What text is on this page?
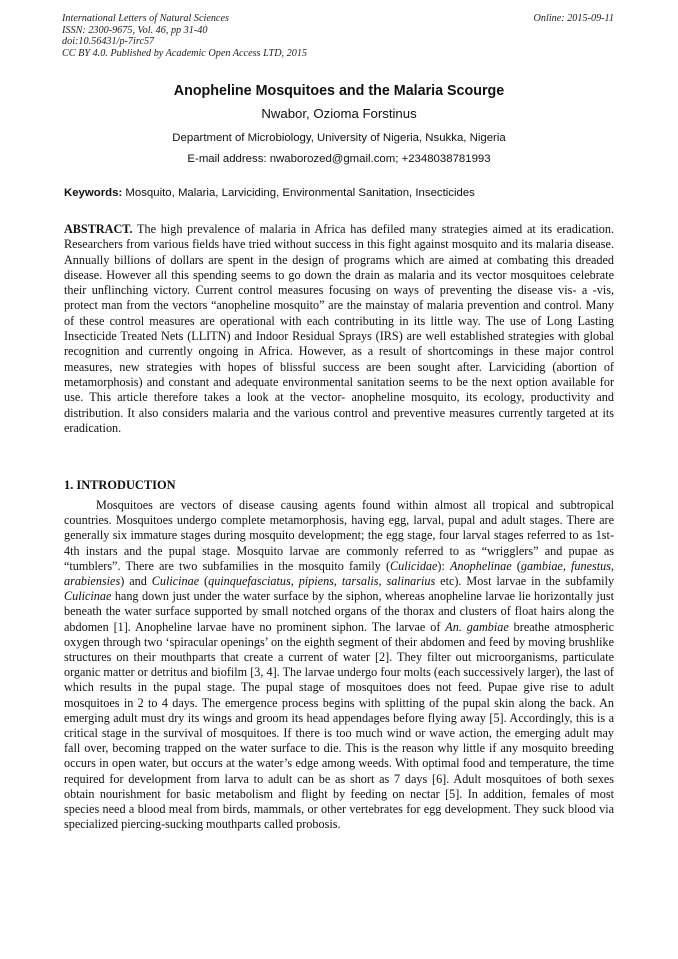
International Letters of Natural Sciences
ISSN: 2300-9675, Vol. 46, pp 31-40
doi:10.56431/p-7irc57
CC BY 4.0. Published by Academic Open Access LTD, 2015
Online: 2015-09-11
Anopheline Mosquitoes and the Malaria Scourge
Nwabor, Ozioma Forstinus
Department of Microbiology, University of Nigeria, Nsukka, Nigeria
E-mail address: nwaborozed@gmail.com; +2348038781993
Keywords: Mosquito, Malaria, Larviciding, Environmental Sanitation, Insecticides

ABSTRACT. The high prevalence of malaria in Africa has defiled many strategies aimed at its eradication. Researchers from various fields have tried without success in this fight against mosquito and its malaria disease. Annually billions of dollars are spent in the design of programs which are aimed at combating this dreaded disease. However all this spending seems to go down the drain as malaria and its vector mosquitoes celebrate their unflinching victory. Current control measures focusing on ways of preventing the disease vis- a -vis, protect man from the vectors “anopheline mosquito” are the mainstay of malaria prevention and control. Many of these control measures are operational with each contributing in its little way. The use of Long Lasting Insecticide Treated Nets (LLITN) and Indoor Residual Sprays (IRS) are well established strategies with global recognition and currently ongoing in Africa. However, as a result of shortcomings in these major control measures, new strategies with hopes of blissful success are been sought after. Larviciding (abortion of metamorphosis) and constant and adequate environmental sanitation seems to be the next option available for use. This article therefore takes a look at the vector- anopheline mosquito, its ecology, productivity and distribution. It also considers malaria and the various control and preventive measures currently targeted at its eradication.

1. INTRODUCTION

Mosquitoes are vectors of disease causing agents found within almost all tropical and subtropical countries. Mosquitoes undergo complete metamorphosis, having egg, larval, pupal and adult stages. There are generally six immature stages during mosquito development; the egg stage, four larval stages referred to as 1st-4th instars and the pupal stage. Mosquito larvae are commonly referred to as “wrigglers” and pupae as “tumblers”. There are two subfamilies in the mosquito family (Culicidae): Anophelinae (gambiae, funestus, arabiensies) and Culicinae (quinquefasciatus, pipiens, tarsalis, salinarius etc). Most larvae in the subfamily Culicinae hang down just under the water surface by the siphon, whereas anopheline larvae lie horizontally just beneath the water surface supported by small notched organs of the thorax and clusters of float hairs along the abdomen [1]. Anopheline larvae have no prominent siphon. The larvae of An. gambiae breathe atmospheric oxygen through two ‘spiracular openings’ on the eighth segment of their abdomen and feed by moving brushlike structures on their mouthparts that create a current of water [2]. They filter out microorganisms, particulate organic matter or detritus and biofilm [3, 4]. The larvae undergo four molts (each successively larger), the last of which results in the pupal stage. The pupal stage of mosquitoes does not feed. Pupae give rise to adult mosquitoes in 2 to 4 days. The emergence process begins with splitting of the pupal skin along the back. An emerging adult must dry its wings and groom its head appendages before flying away [5]. Accordingly, this is a critical stage in the survival of mosquitoes. If there is too much wind or wave action, the emerging adult may fall over, becoming trapped on the water surface to die. This is the reason why little if any mosquito breeding occurs in open water, but occurs at the water’s edge among weeds. With optimal food and temperature, the time required for development from larva to adult can be as short as 7 days [6]. Adult mosquitoes of both sexes obtain nourishment for basic metabolism and flight by feeding on nectar [5]. In addition, females of most species need a blood meal from birds, mammals, or other vertebrates for egg development. They suck blood via specialized piercing-sucking mouthparts called probosis.
